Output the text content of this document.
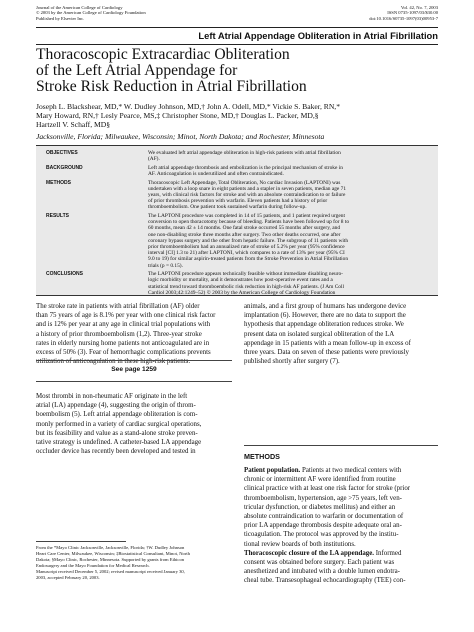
Journal of the American College of Cardiology
© 2003 by the American College of Cardiology Foundation
Published by Elsevier Inc.
Vol. 42, No. 7, 2003
ISSN 0735-1097/03/$30.00
doi:10.1016/S0735-1097(03)00953-7
Left Atrial Appendage Obliteration in Atrial Fibrillation
Thoracoscopic Extracardiac Obliteration
of the Left Atrial Appendage for
Stroke Risk Reduction in Atrial Fibrillation
Joseph L. Blackshear, MD,* W. Dudley Johnson, MD,† John A. Odell, MD,* Vickie S. Baker, RN,*
Mary Howard, RN,† Lesly Pearce, MS,‡ Christopher Stone, MD,† Douglas L. Packer, MD,§
Hartzell V. Schaff, MD§
Jacksonville, Florida; Milwaukee, Wisconsin; Minot, North Dakota; and Rochester, Minnesota
OBJECTIVES	We evaluated left atrial appendage obliteration in high-risk patients with atrial fibrillation
(AF).
BACKGROUND	Left atrial appendage thrombosis and embolization is the principal mechanism of stroke in
AF. Anticoagulation is underutilized and often contraindicated.
METHODS	Thoracoscopic Left Appendage, Total Obliteration, No cardiac Invasion (LAPTONI) was
undertaken with a loop snare in eight patients and a stapler in seven patients, median age 71
years, with clinical risk factors for stroke and with an absolute contraindication to or failure
of prior thrombosis prevention with warfarin. Eleven patients had a history of prior
thromboembolism. One patient took sustained warfarin during follow-up.
RESULTS	The LAPTONI procedure was completed in 14 of 15 patients, and 1 patient required urgent
conversion to open thoracotomy because of bleeding. Patients have been followed up for 8 to
60 months, mean 42 ± 14 months. One fatal stroke occurred 55 months after surgery, and
one non-disabling stroke three months after surgery. Two other deaths occurred, one after
coronary bypass surgery and the other from hepatic failure. The subgroup of 11 patients with
prior thromboembolism had an annualized rate of stroke of 5.2% per year (95% confidence
interval [CI] 1.3 to 21) after LAPTONI, which compares to a rate of 13% per year (95% CI
9.0 to 19) for similar aspirin-treated patients from the Stroke Prevention in Atrial Fibrillation
trials (p = 0.15).
CONCLUSIONS	The LAPTONI procedure appears technically feasible without immediate disabling neuro-
logic morbidity or mortality, and it demonstrates how post-operative event rates and a
statistical trend toward thromboembolic risk reduction in high-risk AF patients. (J Am Coll
Cardiol 2003;42:1249–52) © 2003 by the American College of Cardiology Foundation
The stroke rate in patients with atrial fibrillation (AF) older
than 75 years of age is 8.1% per year with one clinical risk factor
and is 12% per year at any age in clinical trial populations with
a history of prior thromboembolism (1,2). Three-year stroke
rates in elderly nursing home patients not anticoagulated are in
excess of 50% (3). Fear of hemorrhagic complications prevents
utilization of anticoagulation in these high-risk patients.
See page 1259
Most thrombi in non-rheumatic AF originate in the left
atrial (LA) appendage (4), suggesting the origin of throm-
boembolism (5). Left atrial appendage obliteration is com-
monly performed in a variety of cardiac surgical operations,
but its feasibility and value as a stand-alone stroke preven-
tative strategy is undefined. A catheter-based LA appendage
occluder device has recently been developed and tested in
From the *Mayo Clinic Jacksonville, Jacksonville, Florida; †W. Dudley Johnson
Heart Care Center, Milwaukee, Wisconsin; ‡Biostatistical Consultant, Minot, North
Dakota; §Mayo Clinic, Rochester, Minnesota. Supported by grants from Ethicon
Endosurgery and the Mayo Foundation for Medical Research.
Manuscript received December 5, 2002; revised manuscript received January 30,
2003, accepted February 20, 2003.
animals, and a first group of humans has undergone device
implantation (6). However, there are no data to support the
hypothesis that appendage obliteration reduces stroke. We
present data on isolated surgical obliteration of the LA
appendage in 15 patients with a mean follow-up in excess of
three years. Data on seven of these patients were previously
published shortly after surgery (7).
METHODS
Patient population. Patients at two medical centers with
chronic or intermittent AF were identified from routine
clinical practice with at least one risk factor for stroke (prior
thromboembolism, hypertension, age >75 years, left ven-
tricular dysfunction, or diabetes mellitus) and either an
absolute contraindication to warfarin or documentation of
prior LA appendage thrombosis despite adequate oral an-
ticoagulation. The protocol was approved by the institu-
tional review boards of both institutions.
Thoracoscopic closure of the LA appendage. Informed
consent was obtained before surgery. Each patient was
anesthetized and intubated with a double lumen endotra-
cheal tube. Transesophageal echocardiography (TEE) con-
